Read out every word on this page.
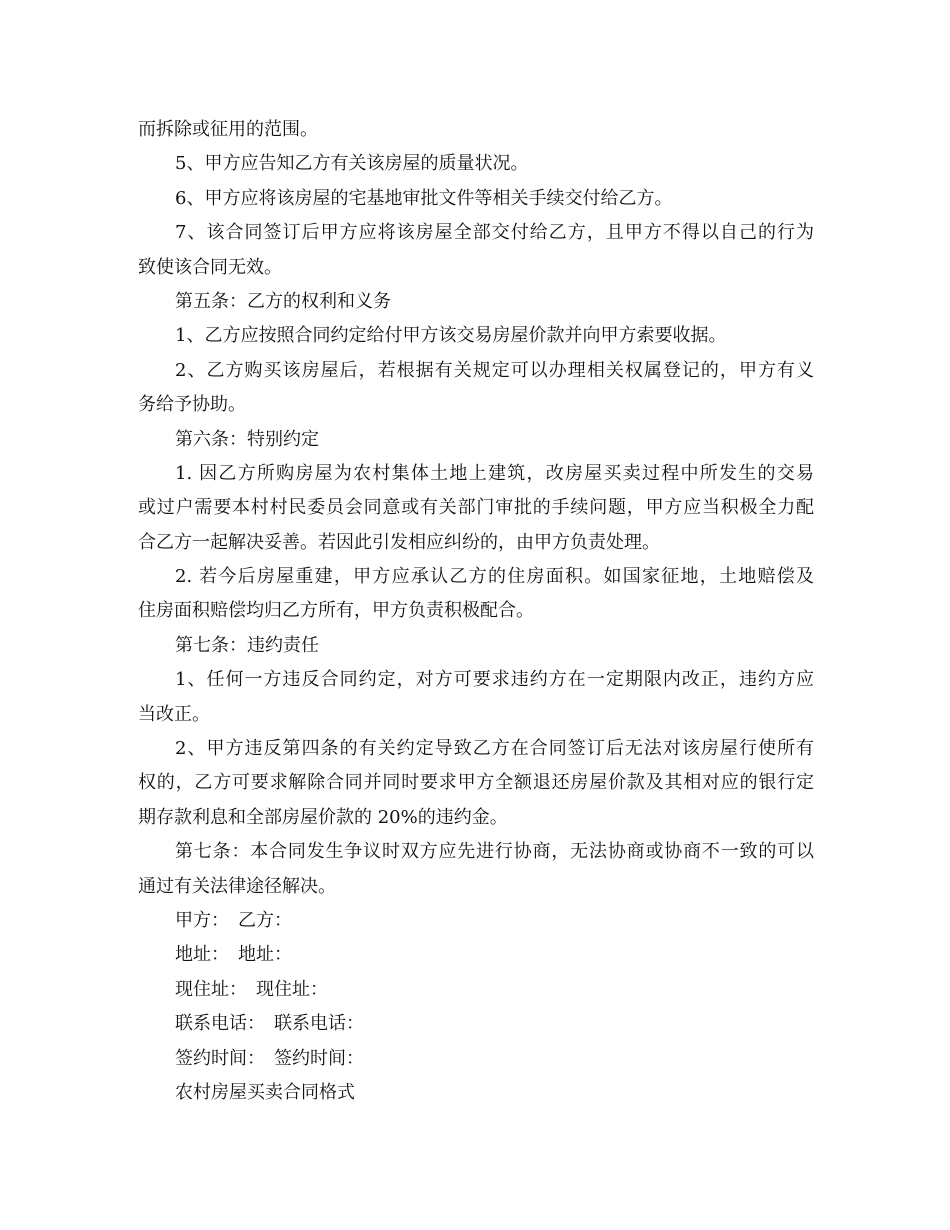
而拆除或征用的范围。
5、甲方应告知乙方有关该房屋的质量状况。
6、甲方应将该房屋的宅基地审批文件等相关手续交付给乙方。
7、该合同签订后甲方应将该房屋全部交付给乙方，且甲方不得以自己的行为
致使该合同无效。
第五条：乙方的权利和义务
1、乙方应按照合同约定给付甲方该交易房屋价款并向甲方索要收据。
2、乙方购买该房屋后，若根据有关规定可以办理相关权属登记的，甲方有义
务给予协助。
第六条：特别约定
1. 因乙方所购房屋为农村集体土地上建筑，改房屋买卖过程中所发生的交易
或过户需要本村村民委员会同意或有关部门审批的手续问题，甲方应当积极全力配
合乙方一起解决妥善。若因此引发相应纠纷的，由甲方负责处理。
2. 若今后房屋重建，甲方应承认乙方的住房面积。如国家征地，土地赔偿及
住房面积赔偿均归乙方所有，甲方负责积极配合。
第七条：违约责任
1、任何一方违反合同约定，对方可要求违约方在一定期限内改正，违约方应
当改正。
2、甲方违反第四条的有关约定导致乙方在合同签订后无法对该房屋行使所有
权的，乙方可要求解除合同并同时要求甲方全额退还房屋价款及其相对应的银行定
期存款利息和全部房屋价款的 20%的违约金。
第七条：本合同发生争议时双方应先进行协商，无法协商或协商不一致的可以
通过有关法律途径解决。
甲方：　乙方：
地址：　地址：
现住址：　现住址：
联系电话：　联系电话：
签约时间：　签约时间：
农村房屋买卖合同格式
